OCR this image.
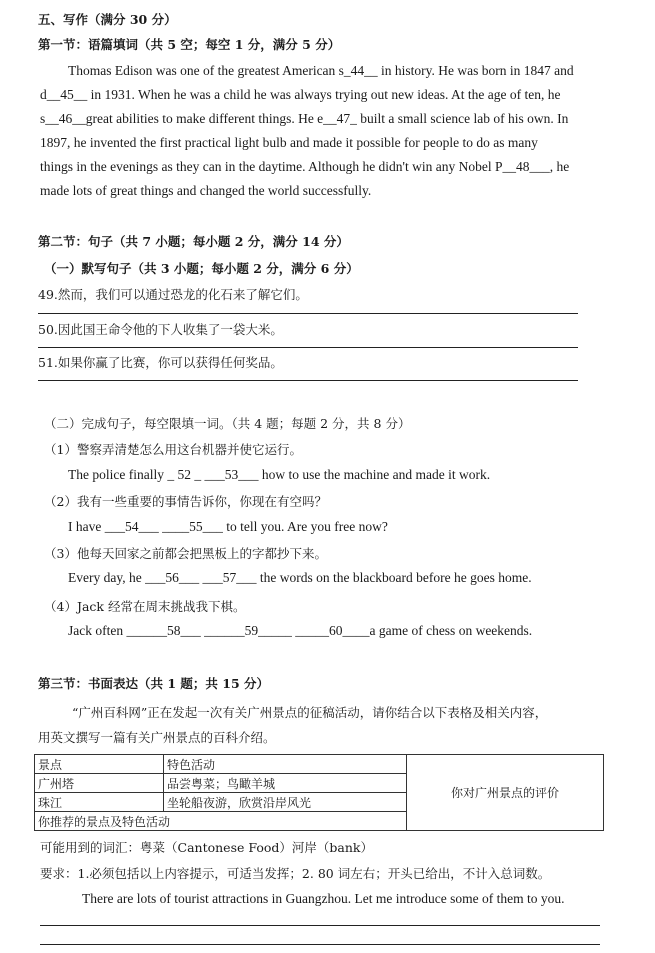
五、写作（满分 30 分）
第一节：语篇填词（共 5 空；每空 1 分，满分 5 分）
Thomas Edison was one of the greatest American s_44__ in history. He was born in 1847 and
d__45__ in 1931. When he was a child he was always trying out new ideas. At the age of ten, he
s__46__great abilities to make different things. He e__47_ built a small science lab of his own. In
1897, he invented the first practical light bulb and made it possible for people to do as many
things in the evenings as they can in the daytime. Although he didn't win any Nobel P__48___, he
made lots of great things and changed the world successfully.
第二节：句子（共 7 小题；每小题 2 分，满分 14 分）
（一）默写句子（共 3 小题；每小题 2 分，满分 6 分）
49.然而，我们可以通过恐龙的化石来了解它们。
50.因此国王命令他的下人收集了一袋大米。
51.如果你赢了比赛，你可以获得任何奖品。
（二）完成句子，每空限填一词。（共 4 题；每题 2 分，共 8 分）
（1）警察弄清楚怎么用这台机器并使它运行。
The police finally _ 52 _ ___53___ how to use the machine and made it work.
（2）我有一些重要的事情告诉你，你现在有空吗？
I have ___54___ ____55___ to tell you. Are you free now?
（3）他每天回家之前都会把黑板上的字都抄下来。
Every day, he ___56___ ___57___ the words on the blackboard before he goes home.
（4）Jack 经常在周末挑战我下棋。
Jack often ______58___ ______59_____ _____60____a game of chess on weekends.
第三节：书面表达（共 1 题；共 15 分）
“广州百科网”正在发起一次有关广州景点的征稿活动，请你结合以下表格及相关内容，
用英文撰写一篇有关广州景点的百科介绍。
景点	特色活动	你对广州景点的评价
广州塔	品尝粤菜；鸟瞰羊城	
珠江	坐轮船夜游，欣赏沿岸风光	
你推荐的景点及特色活动		
可能用到的词汇：粤菜（Cantonese Food）河岸（bank）
要求：1.必须包括以上内容提示，可适当发挥；2. 80 词左右；开头已给出，不计入总词数。
There are lots of tourist attractions in Guangzhou. Let me introduce some of them to you.
